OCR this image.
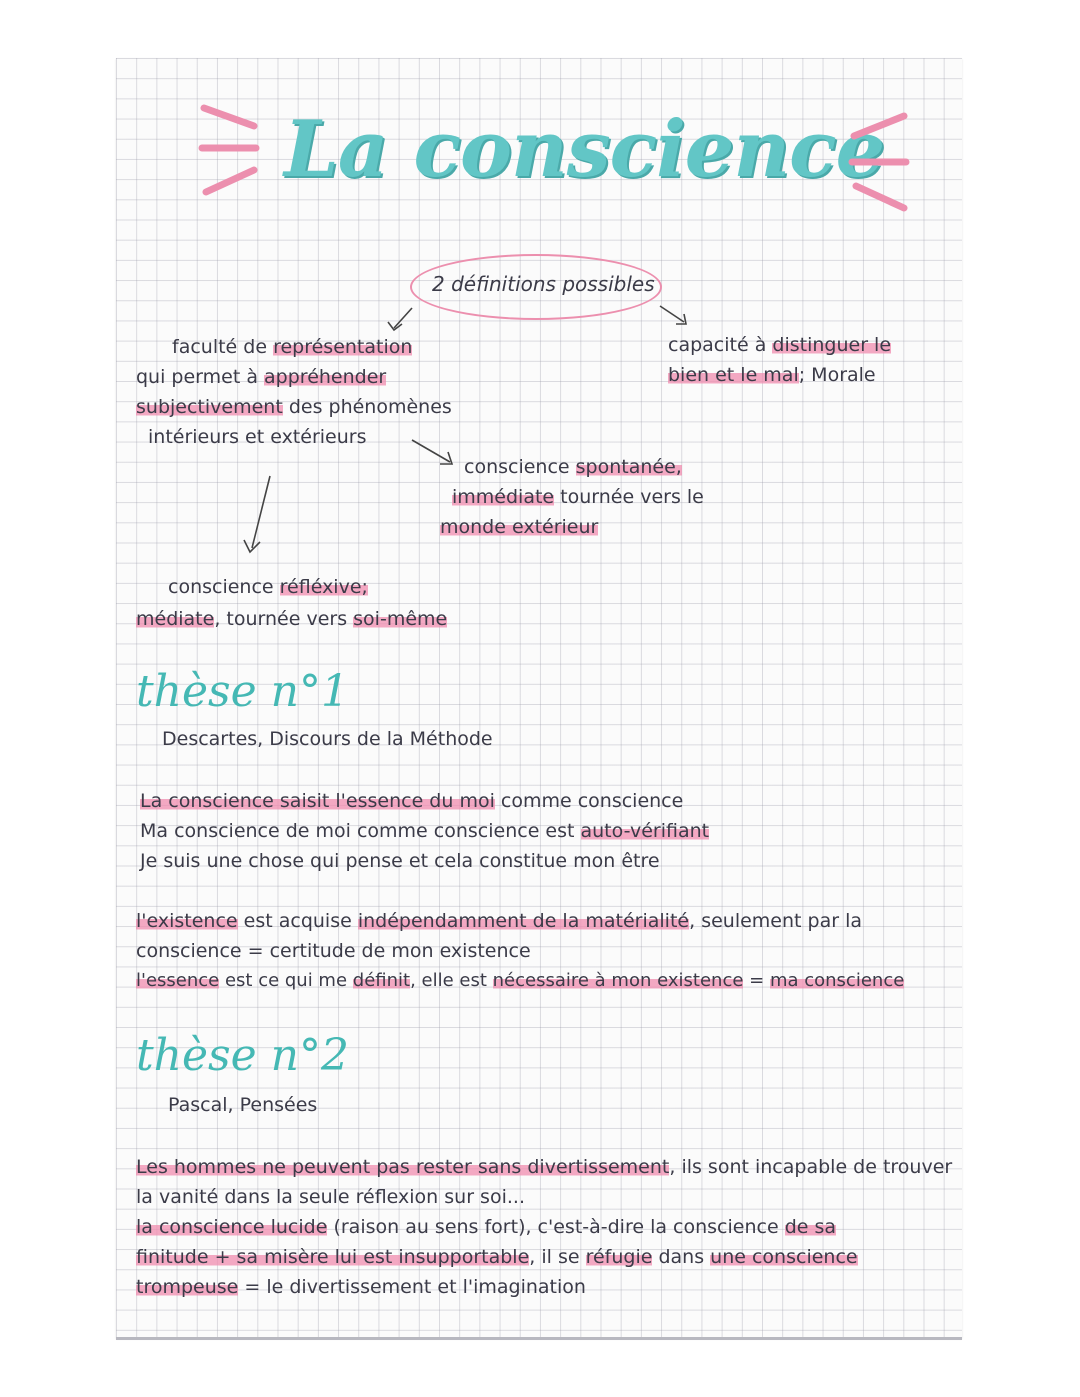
La conscience
2 définitions possibles
faculté de représentation
qui permet à appréhender
subjectivement des phénomènes
intérieurs et extérieurs
capacité à distinguer le
bien et le mal; Morale
conscience spontanée,
immédiate tournée vers le
monde extérieur
conscience réfléxive;
médiate, tournée vers soi-même
thèse n°1
Descartes, Discours de la Méthode
La conscience saisit l'essence du moi comme conscience
Ma conscience de moi comme conscience est auto-vérifiant
Je suis une chose qui pense et cela constitue mon être
l'existence est acquise indépendamment de la matérialité, seulement par la
conscience = certitude de mon existence
l'essence est ce qui me définit, elle est nécessaire à mon existence = ma conscience
thèse n°2
Pascal, Pensées
Les hommes ne peuvent pas rester sans divertissement, ils sont incapable de trouver
la vanité dans la seule réflexion sur soi...
la conscience lucide (raison au sens fort), c'est-à-dire la conscience de sa
finitude + sa misère lui est insupportable, il se réfugie dans une conscience
trompeuse = le divertissement et l'imagination
